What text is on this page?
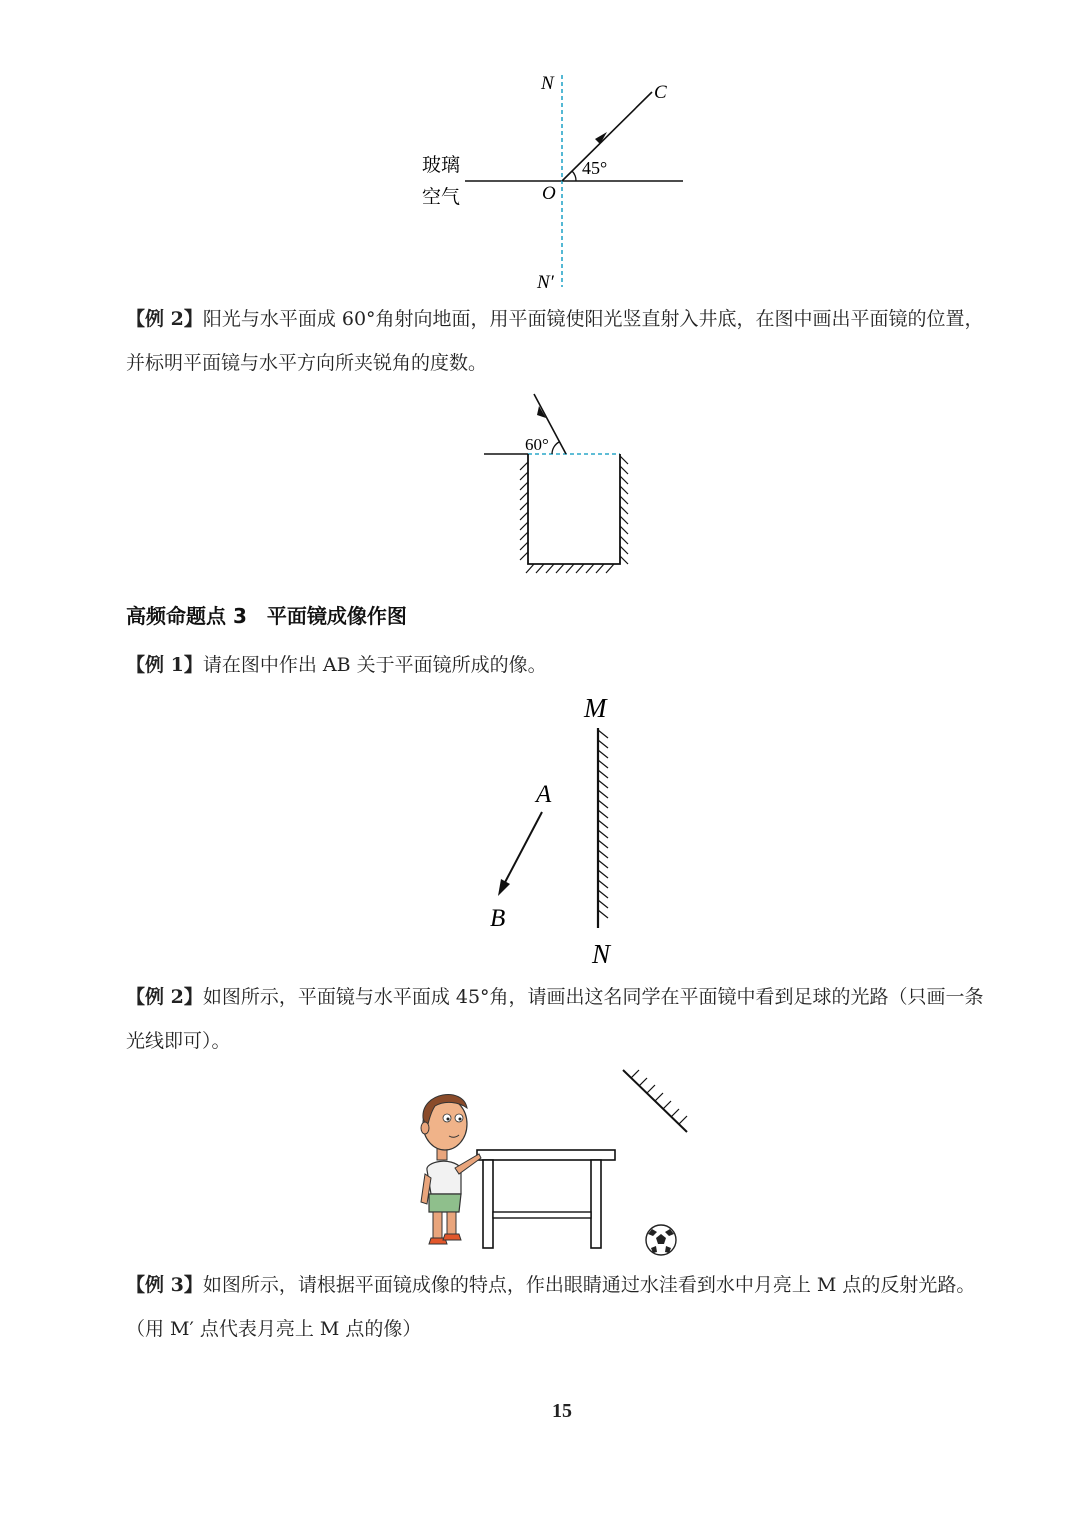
N	C
45°
O
N′
玻璃
空气
【例 2】阳光与水平面成 60°角射向地面，用平面镜使阳光竖直射入井底，在图中画出平面镜的位置，并标明平面镜与水平方向所夹锐角的度数。
60°
高频命题点 3 平面镜成像作图
【例 1】请在图中作出 AB 关于平面镜所成的像。
M
N
A
B
【例 2】如图所示，平面镜与水平面成 45°角，请画出这名同学在平面镜中看到足球的光路（只画一条光线即可）。
【例 3】如图所示，请根据平面镜成像的特点，作出眼睛通过水洼看到水中月亮上 M 点的反射光路。（用 M′ 点代表月亮上 M 点的像）
15
